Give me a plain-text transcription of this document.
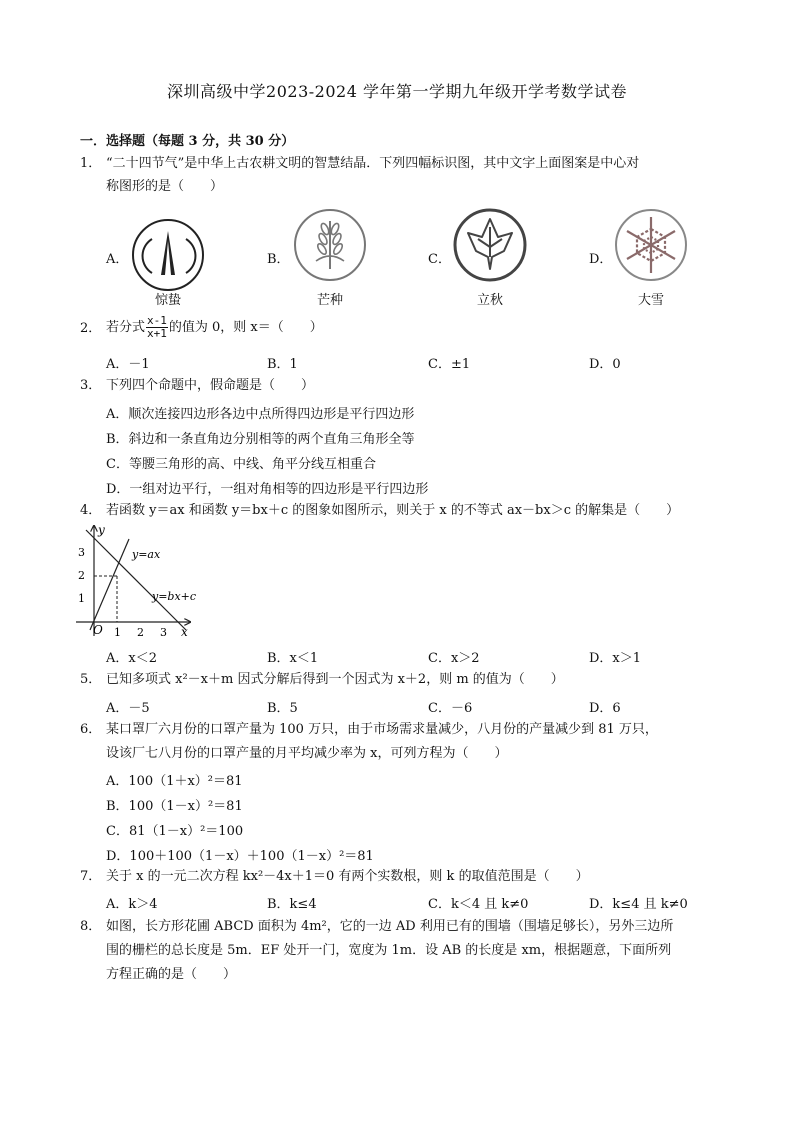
深圳高级中学2023-2024 学年第一学期九年级开学考数学试卷
一．选择题（每题 3 分，共 30 分）
1． “二十四节气”是中华上古农耕文明的智慧结晶．下列四幅标识图，其中文字上面图案是中心对
称图形的是（　　）
A．	B．	C．	D．
惊蛰	芒种	立秋	大雪
2． 若分式 $\frac{x-1}{x+1}$ 的值为 0，则 x＝（　　）
A．－1	B．1	C．±1	D．0
3． 下列四个命题中，假命题是（　　）
A．顺次连接四边形各边中点所得四边形是平行四边形
B．斜边和一条直角边分别相等的两个直角三角形全等
C．等腰三角形的高、中线、角平分线互相重合
D．一组对边平行，一组对角相等的四边形是平行四边形
4． 若函数 y＝ax 和函数 y＝bx＋c 的图象如图所示，则关于 x 的不等式 ax－bx＞c 的解集是（　　）
y
x
O
1
2
3
1 2 3
y=ax
y=bx+c
A．x＜2	B．x＜1	C．x＞2	D．x＞1
5． 已知多项式 x²－x＋m 因式分解后得到一个因式为 x＋2，则 m 的值为（　　）
A．－5	B．5	C．－6	D．6
6． 某口罩厂六月份的口罩产量为 100 万只，由于市场需求量减少，八月份的产量减少到 81 万只，
设该厂七八月份的口罩产量的月平均减少率为 x，可列方程为（　　）
A．100（1＋x）²＝81
B．100（1－x）²＝81
C．81（1－x）²＝100
D．100＋100（1－x）＋100（1－x）²＝81
7． 关于 x 的一元二次方程 kx²－4x＋1＝0 有两个实数根，则 k 的取值范围是（　　）
A．k＞4	B．k≤4	C．k＜4 且 k≠0	D．k≤4 且 k≠0
8． 如图，长方形花圃 ABCD 面积为 4m²，它的一边 AD 利用已有的围墙（围墙足够长），另外三边所
围的栅栏的总长度是 5m．EF 处开一门，宽度为 1m．设 AB 的长度是 xm，根据题意，下面所列
方程正确的是（　　）
